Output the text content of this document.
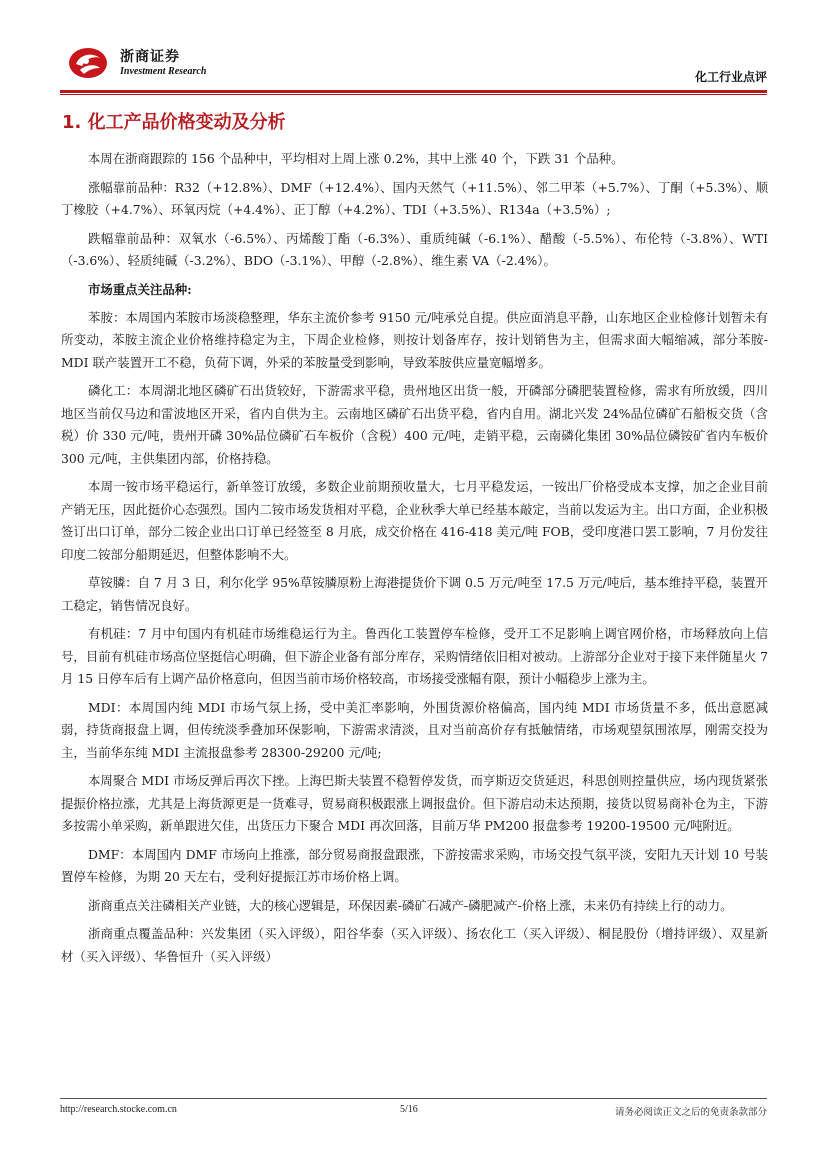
浙商证券
Investment Research	化工行业点评
1. 化工产品价格变动及分析

本周在浙商跟踪的 156 个品种中，平均相对上周上涨 0.2%，其中上涨 40 个，下跌 31 个品种。

涨幅靠前品种：R32（+12.8%）、DMF（+12.4%）、国内天然气（+11.5%）、邻二甲苯（+5.7%）、丁酮（+5.3%）、顺丁橡胶（+4.7%）、环氧丙烷（+4.4%）、正丁醇（+4.2%）、TDI（+3.5%）、R134a（+3.5%）;

跌幅靠前品种：双氧水（-6.5%）、丙烯酸丁酯（-6.3%）、重质纯碱（-6.1%）、醋酸（-5.5%）、布伦特（-3.8%）、WTI（-3.6%）、轻质纯碱（-3.2%）、BDO（-3.1%）、甲醇（-2.8%）、维生素 VA（-2.4%）。

市场重点关注品种:

苯胺：本周国内苯胺市场淡稳整理，华东主流价参考 9150 元/吨承兑自提。供应面消息平静，山东地区企业检修计划暂未有所变动，苯胺主流企业价格维持稳定为主，下周企业检修，则按计划备库存，按计划销售为主，但需求面大幅缩减，部分苯胺-MDI 联产装置开工不稳，负荷下调，外采的苯胺量受到影响，导致苯胺供应量宽幅增多。

磷化工：本周湖北地区磷矿石出货较好，下游需求平稳，贵州地区出货一般，开磷部分磷肥装置检修，需求有所放缓，四川地区当前仅马边和雷波地区开采，省内自供为主。云南地区磷矿石出货平稳，省内自用。湖北兴发 24%品位磷矿石船板交货（含税）价 330 元/吨，贵州开磷 30%品位磷矿石车板价（含税）400 元/吨，走销平稳，云南磷化集团 30%品位磷铵矿省内车板价 300 元/吨，主供集团内部，价格持稳。

本周一铵市场平稳运行，新单签订放缓，多数企业前期预收量大，七月平稳发运，一铵出厂价格受成本支撑，加之企业目前产销无压，因此挺价心态强烈。国内二铵市场发货相对平稳，企业秋季大单已经基本敲定，当前以发运为主。出口方面，企业积极签订出口订单，部分二铵企业出口订单已经签至 8 月底，成交价格在 416-418 美元/吨 FOB，受印度港口罢工影响，7 月份发往印度二铵部分船期延迟，但整体影响不大。

草铵膦：自 7 月 3 日，利尔化学 95%草铵膦原粉上海港提货价下调 0.5 万元/吨至 17.5 万元/吨后，基本维持平稳，装置开工稳定，销售情况良好。

有机硅：7 月中旬国内有机硅市场维稳运行为主。鲁西化工装置停车检修，受开工不足影响上调官网价格，市场释放向上信号，目前有机硅市场高位坚挺信心明确，但下游企业备有部分库存，采购情绪依旧相对被动。上游部分企业对于接下来伴随星火 7 月 15 日停车后有上调产品价格意向，但因当前市场价格较高，市场接受涨幅有限，预计小幅稳步上涨为主。

MDI：本周国内纯 MDI 市场气氛上扬，受中美汇率影响，外围货源价格偏高，国内纯 MDI 市场货量不多，低出意愿减弱，持货商报盘上调，但传统淡季叠加环保影响，下游需求清淡，且对当前高价存有抵触情绪，市场观望氛围浓厚，刚需交投为主，当前华东纯 MDI 主流报盘参考 28300-29200 元/吨;

本周聚合 MDI 市场反弹后再次下挫。上海巴斯夫装置不稳暂停发货，而亨斯迈交货延迟，科思创则控量供应，场内现货紧张提振价格拉涨，尤其是上海货源更是一货难寻，贸易商积极跟涨上调报盘价。但下游启动未达预期，接货以贸易商补仓为主，下游多按需小单采购，新单跟进欠佳，出货压力下聚合 MDI 再次回落，目前万华 PM200 报盘参考 19200-19500 元/吨附近。

DMF：本周国内 DMF 市场向上推涨，部分贸易商报盘跟涨，下游按需求采购，市场交投气氛平淡，安阳九天计划 10 号装置停车检修，为期 20 天左右，受利好提振江苏市场价格上调。

浙商重点关注磷相关产业链，大的核心逻辑是，环保因素-磷矿石减产-磷肥减产-价格上涨，未来仍有持续上行的动力。

浙商重点覆盖品种：兴发集团（买入评级），阳谷华泰（买入评级）、扬农化工（买入评级）、桐昆股份（增持评级）、双星新材（买入评级）、华鲁恒升（买入评级）

http://research.stocke.com.cn	5/16	请务必阅读正文之后的免责条款部分
